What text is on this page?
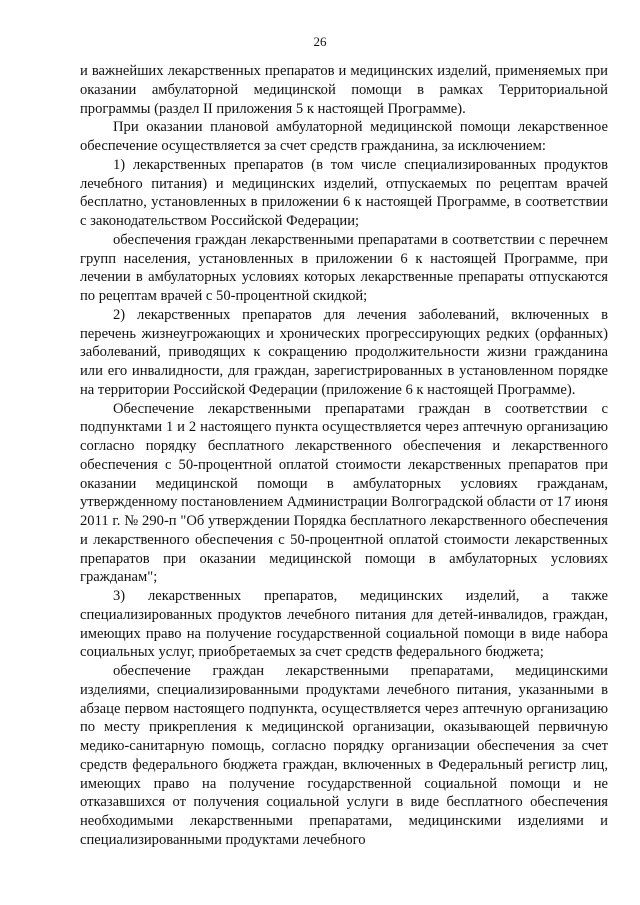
26

и важнейших лекарственных препаратов и медицинских изделий, применяемых при оказании амбулаторной медицинской помощи в рамках Территориальной программы (раздел II приложения 5 к настоящей Программе).

При оказании плановой амбулаторной медицинской помощи лекарственное обеспечение осуществляется за счет средств гражданина, за исключением:

1) лекарственных препаратов (в том числе специализированных продуктов лечебного питания) и медицинских изделий, отпускаемых по рецептам врачей бесплатно, установленных в приложении 6 к настоящей Программе, в соответствии с законодательством Российской Федерации;

обеспечения граждан лекарственными препаратами в соответствии с перечнем групп населения, установленных в приложении 6 к настоящей Программе, при лечении в амбулаторных условиях которых лекарственные препараты отпускаются по рецептам врачей с 50-процентной скидкой;

2) лекарственных препаратов для лечения заболеваний, включенных в перечень жизнеугрожающих и хронических прогрессирующих редких (орфанных) заболеваний, приводящих к сокращению продолжительности жизни гражданина или его инвалидности, для граждан, зарегистрированных в установленном порядке на территории Российской Федерации (приложение 6 к настоящей Программе).

Обеспечение лекарственными препаратами граждан в соответствии с подпунктами 1 и 2 настоящего пункта осуществляется через аптечную организацию согласно порядку бесплатного лекарственного обеспечения и лекарственного обеспечения с 50-процентной оплатой стоимости лекарственных препаратов при оказании медицинской помощи в амбулаторных условиях гражданам, утвержденному постановлением Администрации Волгоградской области от 17 июня 2011 г. № 290-п "Об утверждении Порядка бесплатного лекарственного обеспечения и лекарственного обеспечения с 50-процентной оплатой стоимости лекарственных препаратов при оказании медицинской помощи в амбулаторных условиях гражданам";

3) лекарственных препаратов, медицинских изделий, а также специализированных продуктов лечебного питания для детей-инвалидов, граждан, имеющих право на получение государственной социальной помощи в виде набора социальных услуг, приобретаемых за счет средств федерального бюджета;

обеспечение граждан лекарственными препаратами, медицинскими изделиями, специализированными продуктами лечебного питания, указанными в абзаце первом настоящего подпункта, осуществляется через аптечную организацию по месту прикрепления к медицинской организации, оказывающей первичную медико-санитарную помощь, согласно порядку организации обеспечения за счет средств федерального бюджета граждан, включенных в Федеральный регистр лиц, имеющих право на получение государственной социальной помощи и не отказавшихся от получения социальной услуги в виде бесплатного обеспечения необходимыми лекарственными препаратами, медицинскими изделиями и специализированными продуктами лечебного
